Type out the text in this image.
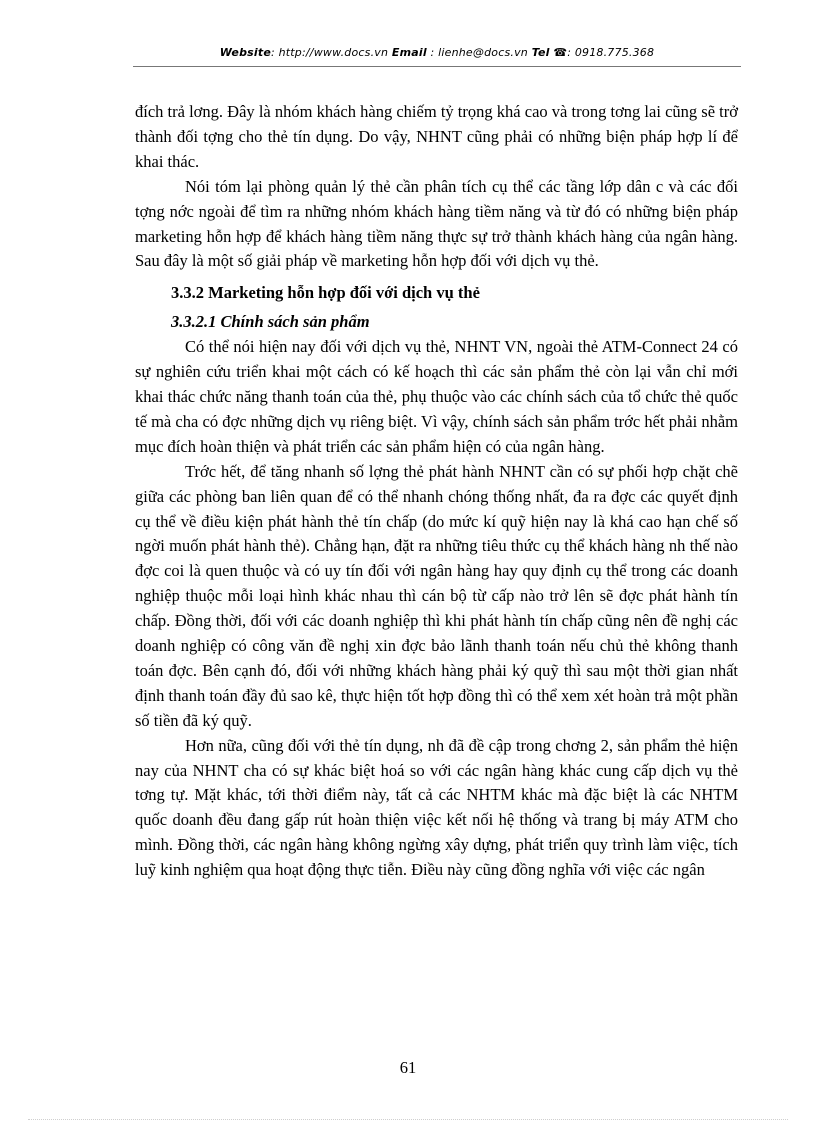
Website: http://www.docs.vn Email : lienhe@docs.vn Tel ☎: 0918.775.368

đích trả lơng. Đây là nhóm khách hàng chiếm tỷ trọng khá cao và trong tơng lai cũng sẽ trở thành đối tợng cho thẻ tín dụng. Do vậy, NHNT cũng phải có những biện pháp hợp lí để khai thác.

Nói tóm lại phòng quản lý thẻ cần phân tích cụ thể các tầng lớp dân c và các đối tợng nớc ngoài để tìm ra những nhóm khách hàng tiềm năng và từ đó có những biện pháp marketing hỗn hợp để khách hàng tiềm năng thực sự trở thành khách hàng của ngân hàng. Sau đây là một số giải pháp về marketing hỗn hợp đối với dịch vụ thẻ.

3.3.2 Marketing hỗn hợp đối với dịch vụ thẻ
3.3.2.1 Chính sách sản phẩm

Có thể nói hiện nay đối với dịch vụ thẻ, NHNT VN, ngoài thẻ ATM-Connect 24 có sự nghiên cứu triển khai một cách có kế hoạch thì các sản phẩm thẻ còn lại vẫn chỉ mới khai thác chức năng thanh toán của thẻ, phụ thuộc vào các chính sách của tổ chức thẻ quốc tế mà cha có đợc những dịch vụ riêng biệt. Vì vậy, chính sách sản phẩm trớc hết phải nhằm mục đích hoàn thiện và phát triển các sản phẩm hiện có của ngân hàng.

Trớc hết, để tăng nhanh số lợng thẻ phát hành NHNT cần có sự phối hợp chặt chẽ giữa các phòng ban liên quan để có thể nhanh chóng thống nhất, đa ra đợc các quyết định cụ thể về điều kiện phát hành thẻ tín chấp (do mức kí quỹ hiện nay là khá cao hạn chế số ngời muốn phát hành thẻ). Chẳng hạn, đặt ra những tiêu thức cụ thể khách hàng nh thế nào đợc coi là quen thuộc và có uy tín đối với ngân hàng hay quy định cụ thể trong các doanh nghiệp thuộc mỗi loại hình khác nhau thì cán bộ từ cấp nào trở lên sẽ đợc phát hành tín chấp. Đồng thời, đối với các doanh nghiệp thì khi phát hành tín chấp cũng nên đề nghị các doanh nghiệp có công văn đề nghị xin đợc bảo lãnh thanh toán nếu chủ thẻ không thanh toán đợc. Bên cạnh đó, đối với những khách hàng phải ký quỹ thì sau một thời gian nhất định thanh toán đầy đủ sao kê, thực hiện tốt hợp đồng thì có thể xem xét hoàn trả một phần số tiền đã ký quỹ.

Hơn nữa, cũng đối với thẻ tín dụng, nh đã đề cập trong chơng 2, sản phẩm thẻ hiện nay của NHNT cha có sự khác biệt hoá so với các ngân hàng khác cung cấp dịch vụ thẻ tơng tự. Mặt khác, tới thời điểm này, tất cả các NHTM khác mà đặc biệt là các NHTM quốc doanh đều đang gấp rút hoàn thiện việc kết nối hệ thống và trang bị máy ATM cho mình. Đồng thời, các ngân hàng không ngừng xây dựng, phát triển quy trình làm việc, tích luỹ kinh nghiệm qua hoạt động thực tiễn. Điều này cũng đồng nghĩa với việc các ngân

61
